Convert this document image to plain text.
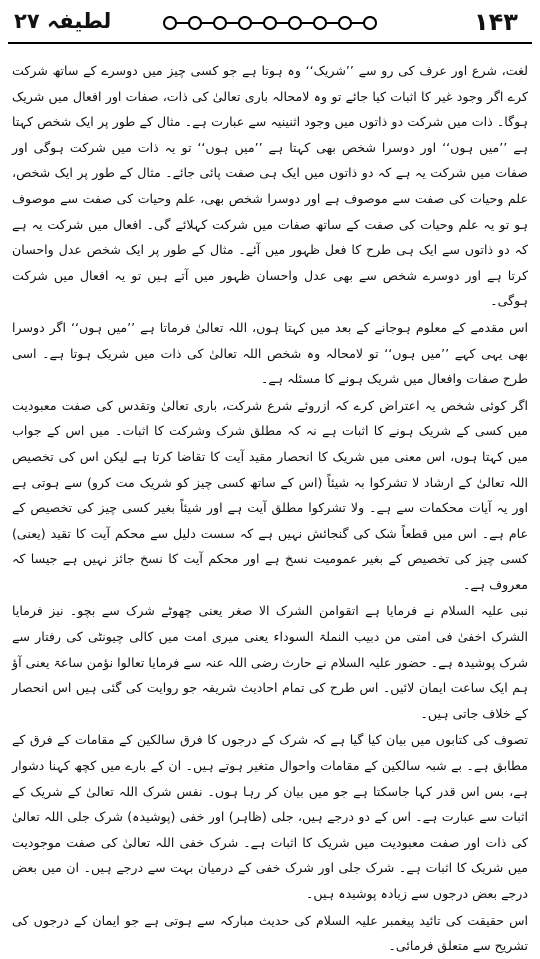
۱۴۳
لطیفہ ۲۷

لغت، شرع اور عرف کی رو سے ’’شریک‘‘ وہ ہوتا ہے جو کسی چیز میں دوسرے کے ساتھ شرکت کرے اگر وجود غیر کا اثبات کیا جائے تو وہ لامحالہ باری تعالیٰ کی ذات، صفات اور افعال میں شریک ہوگا۔ ذات میں شرکت دو ذاتوں میں وجود اثنینیہ سے عبارت ہے۔ مثال کے طور پر ایک شخص کہتا ہے ’’میں ہوں‘‘ اور دوسرا شخص بھی کہتا ہے ’’میں ہوں‘‘ تو یہ ذات میں شرکت ہوگی اور صفات میں شرکت یہ ہے کہ دو ذاتوں میں ایک ہی صفت پائی جائے۔ مثال کے طور پر ایک شخص، علم وحیات کی صفت سے موصوف ہے اور دوسرا شخص بھی، علم وحیات کی صفت سے موصوف ہو تو یہ علم وحیات کی صفت کے ساتھ صفات میں شرکت کہلائے گی۔ افعال میں شرکت یہ ہے کہ دو ذاتوں سے ایک ہی طرح کا فعل ظہور میں آئے۔ مثال کے طور پر ایک شخص عدل واحسان کرتا ہے اور دوسرے شخص سے بھی عدل واحسان ظہور میں آتے ہیں تو یہ افعال میں شرکت ہوگی۔

اس مقدمے کے معلوم ہوجانے کے بعد میں کہتا ہوں، اللہ تعالیٰ فرماتا ہے ’’میں ہوں‘‘ اگر دوسرا بھی یہی کہے ’’میں ہوں‘‘ تو لامحالہ وہ شخص اللہ تعالیٰ کی ذات میں شریک ہوتا ہے۔ اسی طرح صفات وافعال میں شریک ہونے کا مسئلہ ہے۔

اگر کوئی شخص یہ اعتراض کرے کہ ازروئے شرع شرکت، باری تعالیٰ وتقدس کی صفت معبودیت میں کسی کے شریک ہونے کا اثبات ہے نہ کہ مطلق شرک وشرکت کا اثبات۔ میں اس کے جواب میں کہتا ہوں، اس معنی میں شریک کا انحصار مقید آیت کا تقاضا کرتا ہے لیکن اس کی تخصیص اللہ تعالیٰ کے ارشاد لا تشرکوا بہ شیئاً (اس کے ساتھ کسی چیز کو شریک مت کرو) سے ہوتی ہے اور یہ آیات محکمات سے ہے۔ ولا تشرکوا مطلق آیت ہے اور شیئاً بغیر کسی چیز کی تخصیص کے عام ہے۔ اس میں قطعاً شک کی گنجائش نہیں ہے کہ سست دلیل سے محکم آیت کا تقید (یعنی) کسی چیز کی تخصیص کے بغیر عمومیت نسخ ہے اور محکم آیت کا نسخ جائز نہیں ہے جیسا کہ معروف ہے۔

نبی علیہ السلام نے فرمایا ہے اتقوامن الشرک الا صغر یعنی چھوٹے شرک سے بچو۔ نیز فرمایا الشرک اخفیٰ فی امتی من دبیب النملۃ السوداء یعنی میری امت میں کالی چیونٹی کی رفتار سے شرک پوشیدہ ہے۔ حضور علیہ السلام نے حارث رضی اللہ عنہ سے فرمایا تعالوا نؤمن ساعۃ یعنی آؤ ہم ایک ساعت ایمان لائیں۔ اس طرح کی تمام احادیث شریفہ جو روایت کی گئی ہیں اس انحصار کے خلاف جاتی ہیں۔

تصوف کی کتابوں میں بیان کیا گیا ہے کہ شرک کے درجوں کا فرق سالکین کے مقامات کے فرق کے مطابق ہے۔ بے شبہ سالکین کے مقامات واحوال متغیر ہوتے ہیں۔ ان کے بارے میں کچھ کہنا دشوار ہے، بس اس قدر کہا جاسکتا ہے جو میں بیان کر رہا ہوں۔ نفس شرک اللہ تعالیٰ کے شریک کے اثبات سے عبارت ہے۔ اس کے دو درجے ہیں، جلی (ظاہر) اور خفی (پوشیدہ) شرک جلی اللہ تعالیٰ کی ذات اور صفت معبودیت میں شریک کا اثبات ہے۔ شرک خفی اللہ تعالیٰ کی صفت موجودیت میں شریک کا اثبات ہے۔ شرک جلی اور شرک خفی کے درمیان بہت سے درجے ہیں۔ ان میں بعض درجے بعض درجوں سے زیادہ پوشیدہ ہیں۔

اس حقیقت کی تائید پیغمبر علیہ السلام کی حدیث مبارکہ سے ہوتی ہے جو ایمان کے درجوں کی تشریح سے متعلق فرمائی۔
